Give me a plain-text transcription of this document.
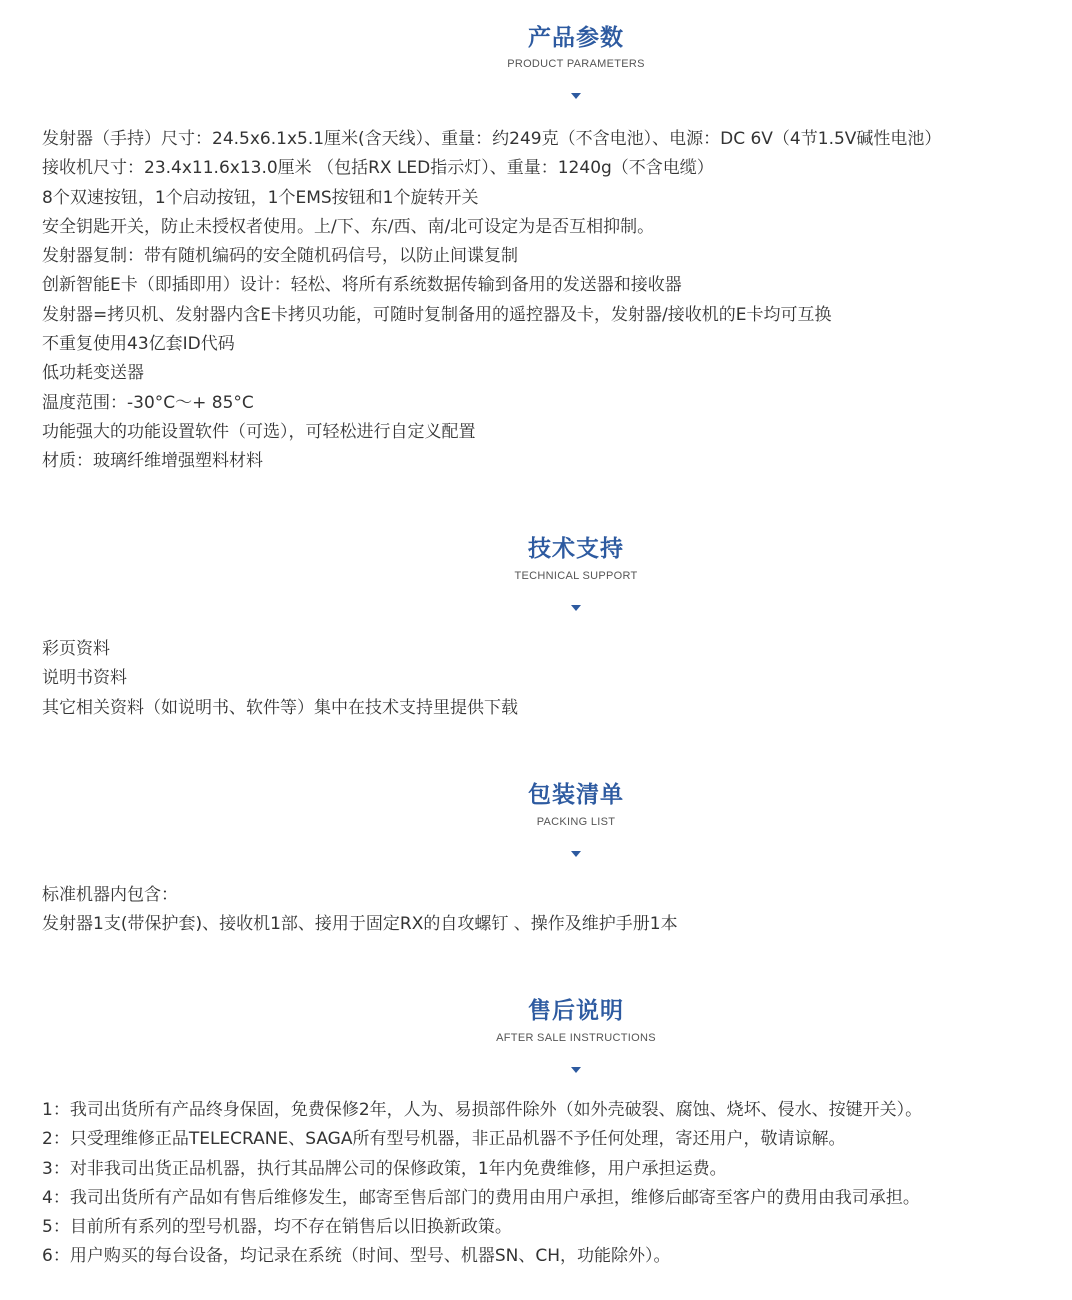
产品参数
PRODUCT PARAMETERS
发射器（手持）尺寸：24.5x6.1x5.1厘米(含天线）、重量：约249克（不含电池）、电源：DC 6V（4节1.5V碱性电池）
接收机尺寸：23.4x11.6x13.0厘米 （包括RX LED指示灯）、重量：1240g（不含电缆）
8个双速按钮，1个启动按钮，1个EMS按钮和1个旋转开关
安全钥匙开关，防止未授权者使用。上/下、东/西、南/北可设定为是否互相抑制。
发射器复制：带有随机编码的安全随机码信号，以防止间谍复制
创新智能E卡（即插即用）设计：轻松、将所有系统数据传输到备用的发送器和接收器
发射器=拷贝机、发射器内含E卡拷贝功能，可随时复制备用的遥控器及卡，发射器/接收机的E卡均可互换
不重复使用43亿套ID代码
低功耗变送器
温度范围：-30°C～+ 85°C
功能强大的功能设置软件（可选），可轻松进行自定义配置
材质：玻璃纤维增强塑料材料
技术支持
TECHNICAL SUPPORT
彩页资料
说明书资料
其它相关资料（如说明书、软件等）集中在技术支持里提供下载
包装清单
PACKING LIST
标准机器内包含：
发射器1支(带保护套)、接收机1部、接用于固定RX的自攻螺钉 、操作及维护手册1本
售后说明
AFTER SALE INSTRUCTIONS
1：我司出货所有产品终身保固，免费保修2年，人为、易损部件除外（如外壳破裂、腐蚀、烧坏、侵水、按键开关）。
2：只受理维修正品TELECRANE、SAGA所有型号机器，非正品机器不予任何处理，寄还用户，敬请谅解。
3：对非我司出货正品机器，执行其品牌公司的保修政策，1年内免费维修，用户承担运费。
4：我司出货所有产品如有售后维修发生，邮寄至售后部门的费用由用户承担，维修后邮寄至客户的费用由我司承担。
5：目前所有系列的型号机器，均不存在销售后以旧换新政策。
6：用户购买的每台设备，均记录在系统（时间、型号、机器SN、CH，功能除外）。
